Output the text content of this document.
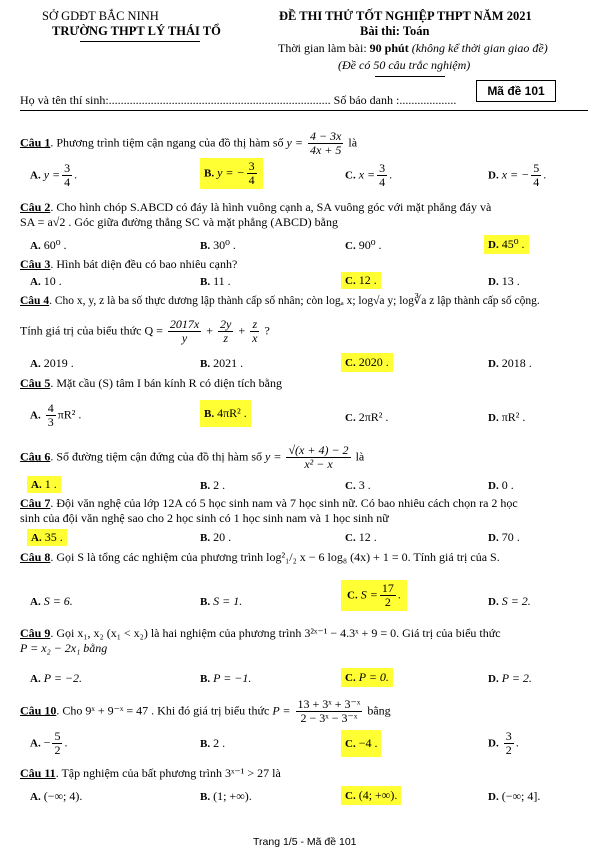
SỞ GDĐT BẮC NINH
TRƯỜNG THPT LÝ THÁI TỔ
ĐỀ THI THỬ TỐT NGHIỆP THPT NĂM 2021
Bài thi: Toán
Thời gian làm bài: 90 phút (không kể thời gian giao đề)
(Đề có 50 câu trắc nghiệm)
Mã đề 101
Họ và tên thí sinh:.......................................................................... Số báo danh :...................
Câu 1. Phương trình tiệm cận ngang của đồ thị hàm số $y = \frac{4 - 3x}{4x + 5}$ là
A. $y = \frac{3}{4}$ .	B. y = − $\frac{3}{4}$	C. $x = \frac{3}{4}$ .	D. x = − $\frac{5}{4}$ .
Câu 2. Cho hình chóp S.ABCD có đáy là hình vuông cạnh a, SA vuông góc với mặt phẳng đáy và
SA = a√2 . Góc giữa đường thẳng SC và mặt phẳng (ABCD) bằng
A. 60⁰ .	B. 30⁰ .	C. 90⁰ .	D. 45⁰ .
Câu 3. Hình bát diện đều có bao nhiêu cạnh?
A. 10 .	B. 11 .	C. 12 .	D. 13 .
Câu 4. Cho x, y, z là ba số thực dương lập thành cấp số nhân; còn logₐ x; log√a y; log∛a z lập thành cấp số cộng.
Tính giá trị của biểu thức $Q = \frac{2017x}{y} + \frac{2y}{z} + \frac{z}{x}$ ?
A. 2019 .	B. 2021 .	C. 2020 .	D. 2018 .
Câu 5. Mặt cầu (S) tâm I bán kính R có diện tích bằng
A. $\frac{4}{3} \pi R^2$ .	B. 4πR² .	C. 2πR² .	D. πR² .
Câu 6. Số đường tiệm cận đứng của đồ thị hàm số $y = \frac{√(x + 4) - 2}{\text{x² − x}}$ là
A. 1 .	B. 2 .	C. 3 .	D. 0 .
Câu 7. Đội văn nghệ của lớp 12A có 5 học sinh nam và 7 học sinh nữ. Có bao nhiêu cách chọn ra 2 học
sinh của đội văn nghệ sao cho 2 học sinh có 1 học sinh nam và 1 học sinh nữ
A. 35 .	B. 20 .	C. 12 .	D. 70 .
Câu 8. Gọi S là tổng các nghiệm của phương trình log²₁/₂ x − 6 log₈ (4x) + 1 = 0. Tính giá trị của S.
A. S = 6.	B. S = 1.	C. $S = \frac{17}{2}$ .
D. S = 2.
Câu 9. Gọi x₁, x₂ (x₁ < x₂) là hai nghiệm của phương trình 3²ˣ⁻¹ − 4.3ˣ + 9 = 0. Giá trị của biểu thức
P = x₂ − 2x₁ bằng
A. P = −2.	B. P = −1.	C. P = 0.	D. P = 2.
Câu 10. Cho 9ˣ + 9⁻ˣ = 47 . Khi đó giá trị biểu thức $P = \frac{\text{13 + 3ˣ + 3⁻ˣ}}{\text{2 − 3ˣ − 3⁻ˣ}}$ bằng
A. − $\frac{5}{2}$ .	B. 2 .	C. −4 .	D. $\frac{3}{2}$ .
Câu 11. Tập nghiệm của bất phương trình 3ˣ⁻¹ > 27 là
A. (−∞; 4).	B. (1; +∞).	C. (4; +∞).	D. (−∞; 4].
Trang 1/5 - Mã đề 101
